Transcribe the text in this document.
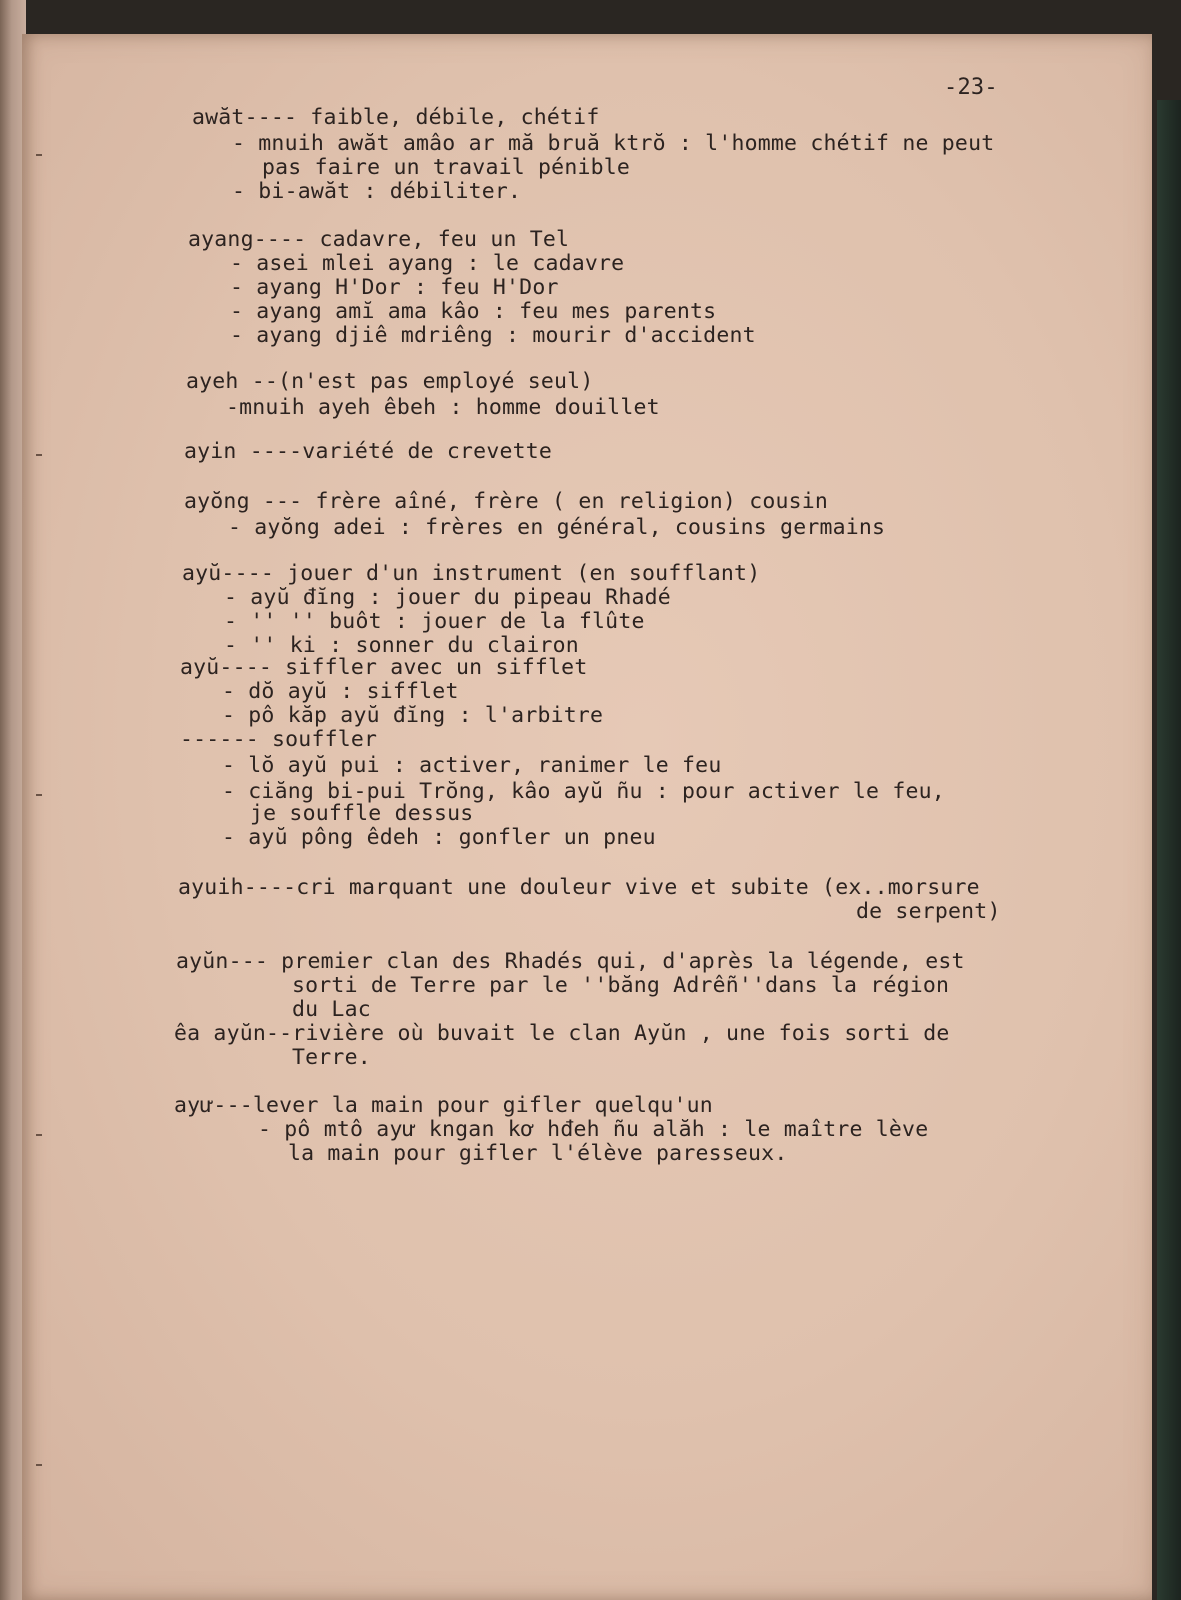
-23-
awăt---- faible, débile, chétif
- mnuih awăt amâo ar mă bruă ktrŏ : l'homme chétif ne peut
pas faire un travail pénible
- bi-awăt : débiliter.
ayang---- cadavre, feu un Tel
- asei mlei ayang : le cadavre
- ayang H'Dor : feu H'Dor
- ayang amĭ ama kâo : feu mes parents
- ayang djiê mdriêng : mourir d'accident
ayeh --(n'est pas employé seul)
-mnuih ayeh êbeh : homme douillet
ayin ----variété de crevette
ayŏng --- frère aîné, frère ( en religion) cousin
- ayŏng adei : frères en général, cousins germains
ayŭ---- jouer d'un instrument (en soufflant)
- ayŭ đĭng : jouer du pipeau Rhadé
- '' '' buôt : jouer de la flûte
- '' ki : sonner du clairon
ayŭ---- siffler avec un sifflet
- dŏ ayŭ : sifflet
- pô kăp ayŭ đĭng : l'arbitre
------ souffler
- lŏ ayŭ pui : activer, ranimer le feu
- ciăng bi-pui Trŏng, kâo ayŭ ñu : pour activer le feu,
je souffle dessus
- ayŭ pông êdeh : gonfler un pneu
ayuih----cri marquant une douleur vive et subite (ex..morsure
de serpent)
ayŭn--- premier clan des Rhadés qui, d'après la légende, est
sorti de Terre par le ''băng Adrêñ''dans la région
du Lac
êa ayŭn--rivière où buvait le clan Ayŭn , une fois sorti de
Terre.
ayư---lever la main pour gifler quelqu'un
- pô mtô ayư kngan kơ hđeh ñu alăh : le maître lève
la main pour gifler l'élève paresseux.
